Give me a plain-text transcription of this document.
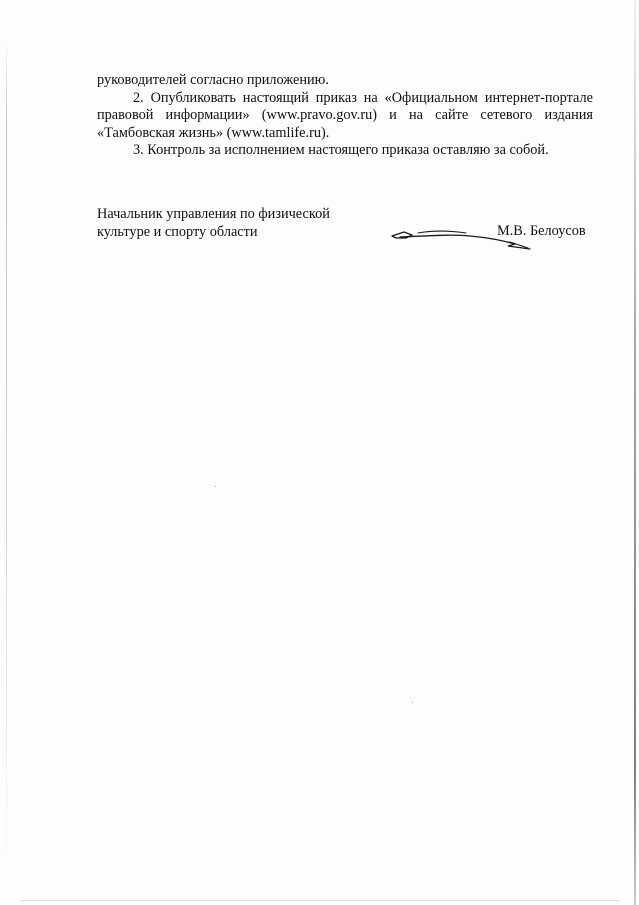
руководителей согласно приложению.

2. Опубликовать настоящий приказ на «Официальном интернет-портале правовой информации» (www.pravo.gov.ru) и на сайте сетевого издания «Тамбовская жизнь» (www.tamlife.ru).

3. Контроль за исполнением настоящего приказа оставляю за собой.

Начальник управления по физической
культуре и спорту области	М.В. Белоусов
